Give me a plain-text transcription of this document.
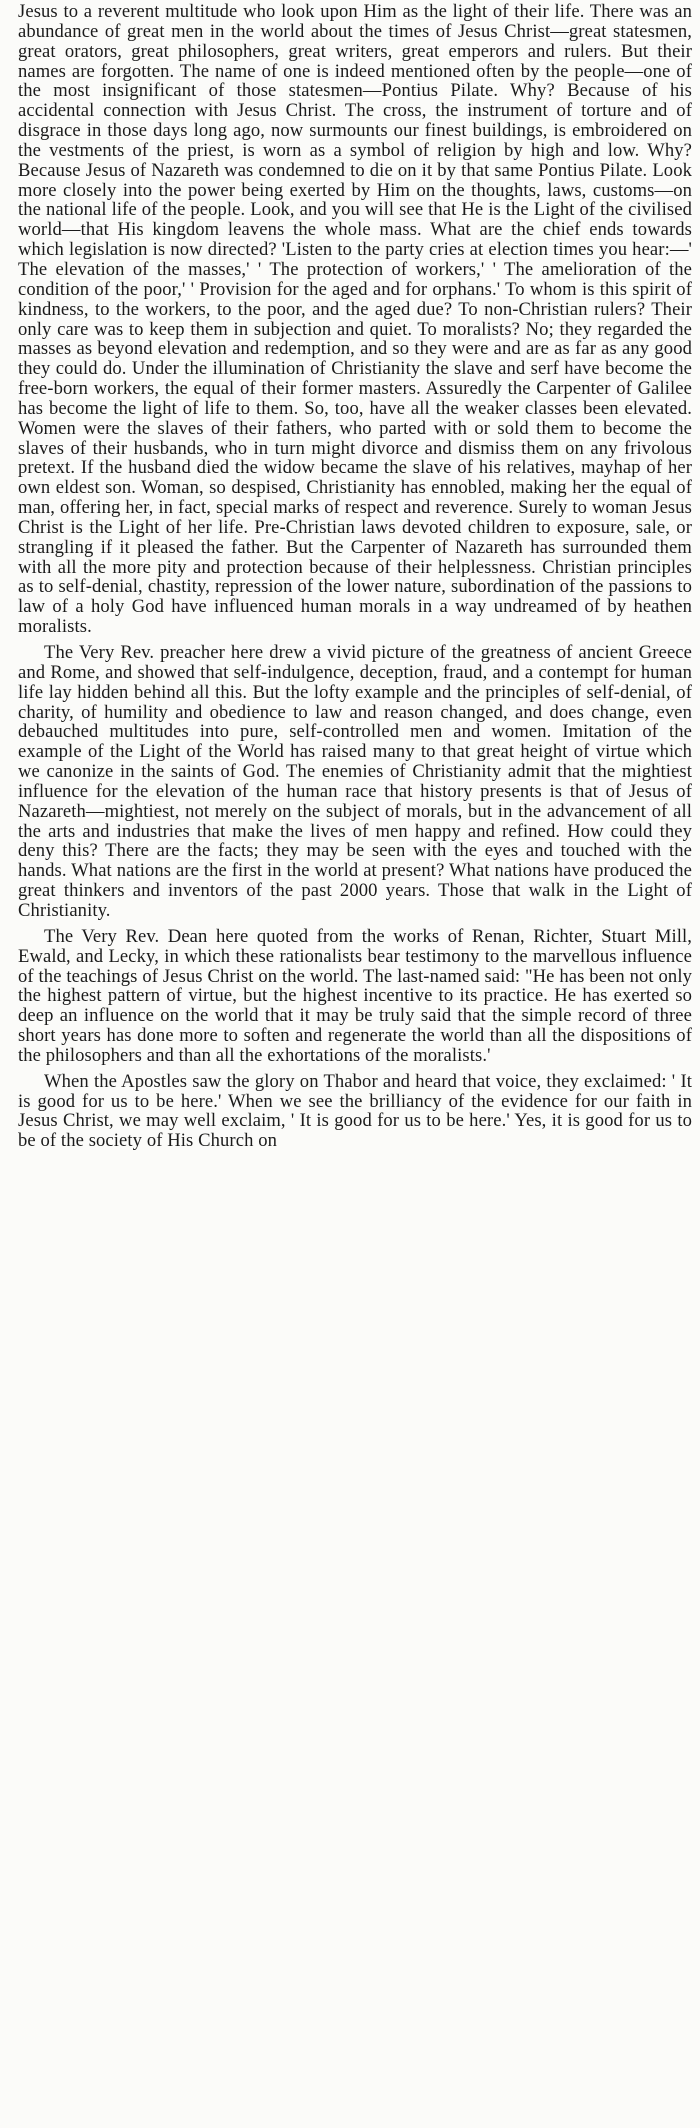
Jesus to a reverent multitude who look upon Him as the light of their life. There was an abundance of great men in the world about the times of Jesus Christ—great statesmen, great orators, great philosophers, great writers, great emperors and rulers. But their names are forgotten. The name of one is indeed mentioned often by the people—one of the most insignificant of those statesmen—Pontius Pilate. Why? Because of his accidental connection with Jesus Christ. The cross, the instrument of torture and of disgrace in those days long ago, now surmounts our finest buildings, is embroidered on the vestments of the priest, is worn as a symbol of religion by high and low. Why? Because Jesus of Nazareth was condemned to die on it by that same Pontius Pilate. Look more closely into the power being exerted by Him on the thoughts, laws, customs—on the national life of the people. Look, and you will see that He is the Light of the civilised world—that His kingdom leavens the whole mass. What are the chief ends towards which legislation is now directed? 'Listen to the party cries at election times you hear:—' The elevation of the masses,' ' The protection of workers,' ' The amelioration of the condition of the poor,' ' Provision for the aged and for orphans.' To whom is this spirit of kindness, to the workers, to the poor, and the aged due? To non-Christian rulers? Their only care was to keep them in subjection and quiet. To moralists? No; they regarded the masses as beyond elevation and redemption, and so they were and are as far as any good they could do. Under the illumination of Christianity the slave and serf have become the free-born workers, the equal of their former masters. Assuredly the Carpenter of Galilee has become the light of life to them. So, too, have all the weaker classes been elevated. Women were the slaves of their fathers, who parted with or sold them to become the slaves of their husbands, who in turn might divorce and dismiss them on any frivolous pretext. If the husband died the widow became the slave of his relatives, mayhap of her own eldest son. Woman, so despised, Christianity has ennobled, making her the equal of man, offering her, in fact, special marks of respect and reverence. Surely to woman Jesus Christ is the Light of her life. Pre-Christian laws devoted children to exposure, sale, or strangling if it pleased the father. But the Carpenter of Nazareth has surrounded them with all the more pity and protection because of their helplessness. Christian principles as to self-denial, chastity, repression of the lower nature, subordination of the passions to law of a holy God have influenced human morals in a way undreamed of by heathen moralists.

The Very Rev. preacher here drew a vivid picture of the greatness of ancient Greece and Rome, and showed that self-indulgence, deception, fraud, and a contempt for human life lay hidden behind all this. But the lofty example and the principles of self-denial, of charity, of humility and obedience to law and reason changed, and does change, even debauched multitudes into pure, self-controlled men and women. Imitation of the example of the Light of the World has raised many to that great height of virtue which we canonize in the saints of God. The enemies of Christianity admit that the mightiest influence for the elevation of the human race that history presents is that of Jesus of Nazareth—mightiest, not merely on the subject of morals, but in the advancement of all the arts and industries that make the lives of men happy and refined. How could they deny this? There are the facts; they may be seen with the eyes and touched with the hands. What nations are the first in the world at present? What nations have produced the great thinkers and inventors of the past 2000 years. Those that walk in the Light of Christianity.

The Very Rev. Dean here quoted from the works of Renan, Richter, Stuart Mill, Ewald, and Lecky, in which these rationalists bear testimony to the marvellous influence of the teachings of Jesus Christ on the world. The last-named said: "He has been not only the highest pattern of virtue, but the highest incentive to its practice. He has exerted so deep an influence on the world that it may be truly said that the simple record of three short years has done more to soften and regenerate the world than all the dispositions of the philosophers and than all the exhortations of the moralists.'

When the Apostles saw the glory on Thabor and heard that voice, they exclaimed: ' It is good for us to be here.' When we see the brilliancy of the evidence for our faith in Jesus Christ, we may well exclaim, ' It is good for us to be here.' Yes, it is good for us to be of the society of His Church on
